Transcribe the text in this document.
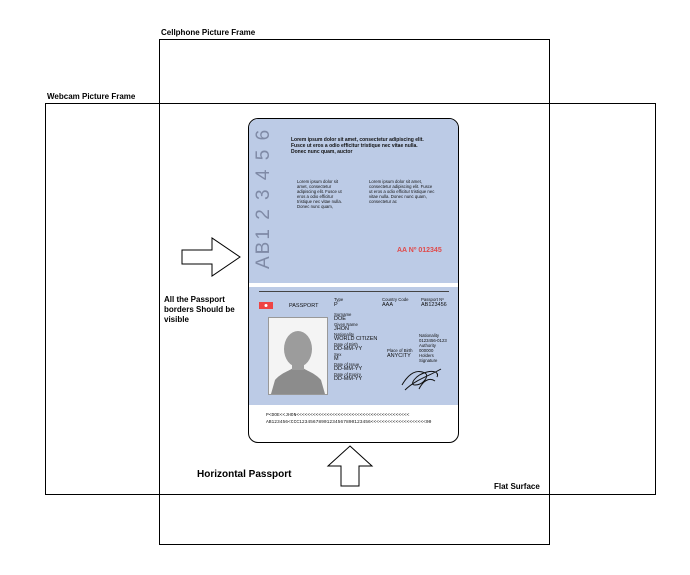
Cellphone Picture Frame
Webcam Picture Frame
Flat Surface
All the Passport
borders Should be
visible
Horizontal Passport
AB1 2 3 4 5 6	Lorem ipsum dolor sit amet, consectetur adipiscing elit.
Fusce ut eros a odio efficitur tristique nec vitae nulla.
Donec nunc quam, auctor
Lorem ipsum dolor sit
amet, consectetur
adipiscing elit. Fusce ut
eros a odio efficitur
tristique nec vitae nulla.
Donec nunc quam,
Lorem ipsum dolor sit amet,
consectetur adipiscing elit. Fusce
ut eros a odio efficitur tristique nec
vitae nulla. Donec nunc quam,
consectetur ac
AA Nº 012345
PASSPORT
Type
P
Country Code
AAA
Passport Nº
AB123456
Surname
DOE
Given Name
JHON
Nationality
WORLD CITIZEN
Date of Birth
DD-MM-YY
Sex
M
Date of Issue
DD-MM-YY
Date of Expiry
DD-MM-YY
Nationality
0123456-0123
Authority
000000
Place of Birth
ANYCITY Holders
Signature
P<DOE<<JHON<<<<<<<<<<<<<<<<<<<<<<<<<<<<<<<<<<<<<<<<<
AB123456<CCC12345678901234567890123456<<<<<<<<<<<<<<<<<<<<00
